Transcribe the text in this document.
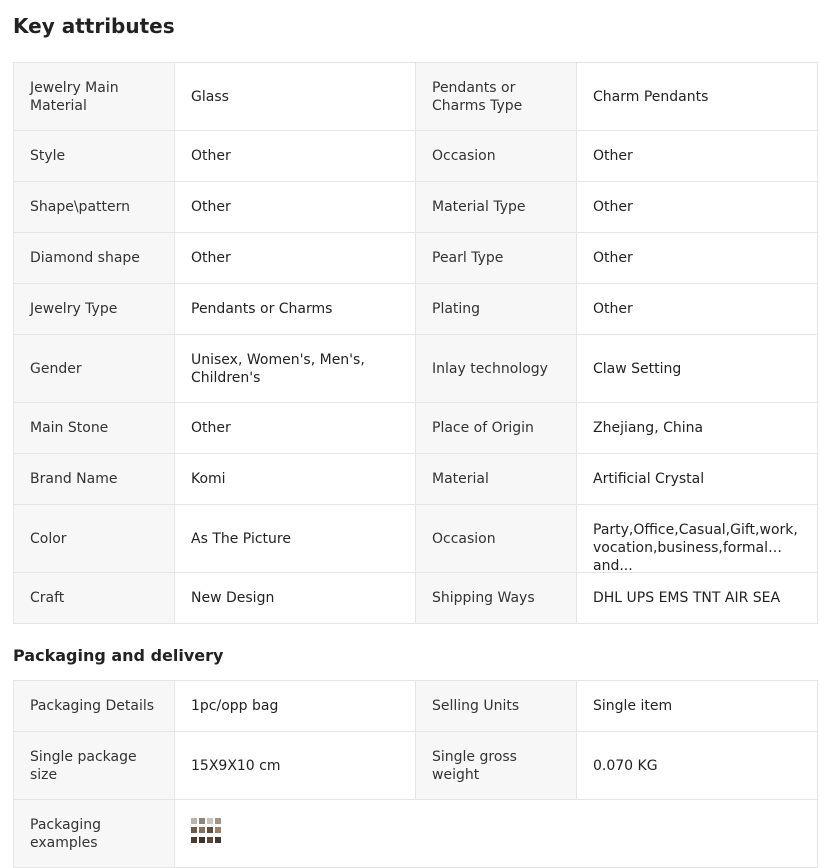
Key attributes
Jewelry Main Material	Glass	Pendants or Charms Type	Charm Pendants
Style	Other	Occasion	Other
Shape\pattern	Other	Material Type	Other
Diamond shape	Other	Pearl Type	Other
Jewelry Type	Pendants or Charms	Plating	Other
Gender	Unisex, Women's, Men's, Children's	Inlay technology	Claw Setting
Main Stone	Other	Place of Origin	Zhejiang, China
Brand Name	Komi	Material	Artificial Crystal
Color	As The Picture	Occasion	Party,Office,Casual,Gift,work,vocation,business,formal and...

Craft	New Design	Shipping Ways	DHL UPS EMS TNT AIR SEA
Packaging and delivery
Packaging Details	1pc/opp bag	Selling Units	Single item
Single package size	15X9X10 cm	Single gross weight	0.070 KG
Packaging examples			
